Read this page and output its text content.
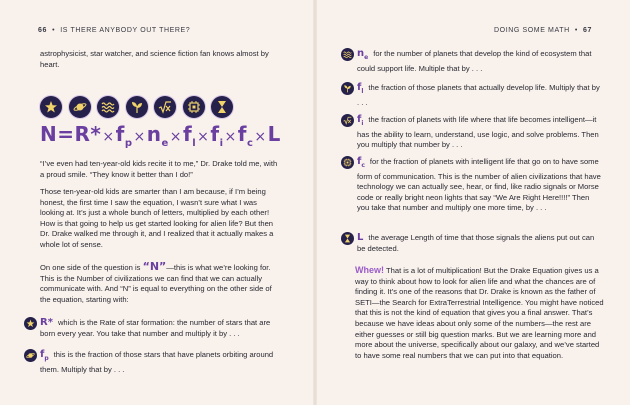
66  •  IS THERE ANYBODY OUT THERE?
astrophysicist, star watcher, and science fiction fan knows almost by heart.
$N=R*\times f_p\times n_e\times f_l\times f_i\times f_c\times L$
“I’ve even had ten-year-old kids recite it to me,” Dr. Drake told me, with a proud smile. “They know it better than I do!”
Those ten-year-old kids are smarter than I am because, if I’m being honest, the first time I saw the equation, I wasn’t sure what I was looking at. It’s just a whole bunch of letters, multiplied by each other! How is that going to help us get started looking for alien life? But then Dr. Drake walked me through it, and I realized that it actually makes a whole lot of sense.
On one side of the question is “N”—this is what we’re looking for. This is the Number of civilizations we can find that we can actually communicate with. And “N” is equal to everything on the other side of the equation, starting with:
R* which is the Rate of star formation: the number of stars that are born every year. You take that number and multiply it by . . .
$f_p$ this is the fraction of those stars that have planets orbiting around them. Multiply that by . . .
DOING SOME MATH  •  67
$n_e$ for the number of planets that develop the kind of ecosystem that could support life. Multiple that by . . .
$f_l$ the fraction of those planets that actually develop life. Multiply that by . . .
$f_i$ the fraction of planets with life where that life becomes intelligent—it has the ability to learn, understand, use logic, and solve problems. Then you multiply that number by . . .
$f_c$ for the fraction of planets with intelligent life that go on to have some form of communication. This is the number of alien civilizations that have technology we can actually see, hear, or find, like radio signals or Morse code or really bright neon lights that say “We Are Right Here!!!!” Then you take that number and multiply one more time, by . . .
L the average Length of time that those signals the aliens put out can be detected.
Whew! That is a lot of multiplication! But the Drake Equation gives us a way to think about how to look for alien life and what the chances are of finding it. It’s one of the reasons that Dr. Drake is known as the father of SETI—the Search for ExtraTerrestrial Intelligence. You might have noticed that this is not the kind of equation that gives you a final answer. That’s because we have ideas about only some of the numbers—the rest are either guesses or still big question marks. But we are learning more and more about the universe, specifically about our galaxy, and we’ve started to have some real numbers that we can put into that equation.
